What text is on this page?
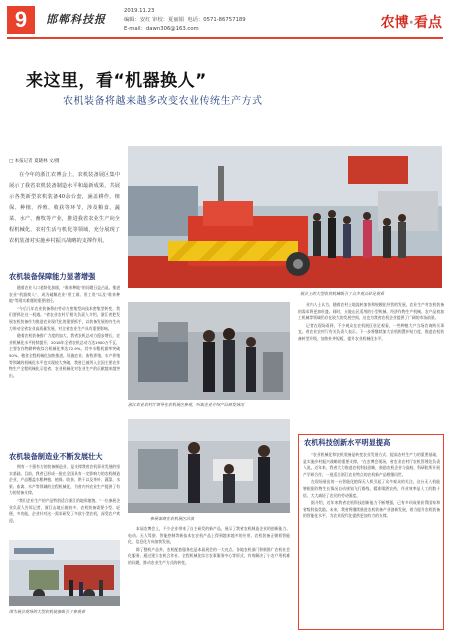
9	邯郸科技报
2019.11.23
编辑：安红 审校：夏丽娟 电话：0571-86757189
E-mail：dawn306@163.com	农博·看点
来这里，看“机器换人”
农机装备将越来越多改变农业传统生产方式
□ 本报记者 夏晓林 文/摄
在今年的浙江农博会上，农机装备展区集中展示了我省农机装备制造水平和最新成果，共展示各类新型农机装备40余台套，涵盖耕作、植保、种植、养殖、收获等环节，涉及粮食、蔬菜、水产、畜牧等产业，推进我省农业生产向全程机械化、农村生活与机化等领域，充分展现了农机装备对实施乡村振兴战略的支撑作用。
展会上的大型收获机械吸引了众多观众驻足观看
农机装备保障能力显著增强

随着农业人口老龄化加剧，“谁来种地”的问题日益凸显。推进农业“机器换人”，成为破解农业“用工难、用工贵”以及“谁来种地”等现实难题的重要途径。

“今后几年农业装备将由劳动力密集型向技术密集型转变，我们要抓住这一机遇。”省农业农村厅相关负责人介绍，浙江省把发展农机装备作为推进农业现代化的重要抓手，以装备发展的内生动力带动全省农业高质量发展，对全省农业生产具有重要影响。

随着农机装备推广力度的加大，我省农机总动力稳步增长，农业机械化水平持续提升，2018年全省农机总动力达1900万千瓦，主要农作物耕种收综合机械化率达72.9%，其中水稻机插率突破50%，粮食全程机械化加快推进。设施农业、畜牧养殖、水产养殖等领域的机械化水平也实现较大突破，我省已被列入全国主要农作物生产全程机械化示范省，农业机械化对农业生产的贡献越来越突出。

农机装备制造业不断发展壮大

拥有一个强有力的装备制造业，是支撑我省农机事业发展的坚实基础。目前，我省已形成一批在全国具有一定影响力的农机制造企业，产品覆盖水稻种植、植保、收获、烘干以及茶叶、蔬菜、水果、畜禽、水产等领域的全程机械化，为省内外农业生产提供了有力的装备支撑。

“我们企业生产的产品特别适合浙江的地形地貌。”一位参展企业负责人告诉记者，浙江山地丘陵较多，农机装备需要小型、轻便、多功能，企业针对这一需求研发了多款小型农机，深受农户欢迎。

图为展会现场的大型农机装备吸引了参观者
浙江农业农村厅领导在农机展区参观，听取企业介绍产品研发情况
参展客商在农机展区洽谈

本届农博会上，不少企业带来了自主研发的新产品，展示了我省农机制造企业的创新能力。电动、无人驾驶、智能控制等新技术在农机产品上得到越来越多的应用，农机装备正朝着智能化、信息化方向加快发展。

除了整机产品外，农机配套服务也是本届展会的一大亮点。各地农机部门积极推广农机社会化服务，通过建立农机合作社、全程机械化综合农事服务中心等形式，有效解决了小农户用机难的问题，推动农业生产方式的转变。

业内人士认为，随着农村土地流转加快和规模化经营的发展，农业生产对农机装备的需求将更加旺盛。同时，丘陵山区适用的小型机械、经济作物生产机械、农产品初加工机械等领域仍存在较大的发展空间，这也为我省农机企业提供了广阔的市场前景。

记者在现场看到，不少观众在农机展区驻足观看，一些种植大户当场咨询购买事宜。省农业农村厅有关负责人表示，下一步将继续加大农机购置补贴力度，推进农机装备转型升级，加快补齐短板，提升农业机械化水平。

农机科技创新水平明显提高

“农业机械化和农机装备是转变农业发展方式、提高农村生产力的重要基础，是实施乡村振兴战略的重要支撑。”在农博会现场，省农业农村厅农机管理处负责人说。近年来，我省大力推进农机科技创新，鼓励农机企业与高校、科研院所开展产学研合作，一批适合浙江农业特点的农机新产品相继问世。

在现场展出的一台智能化植保无人机引起了众多观众的关注。这台无人机能够根据作物生长情况自动规划飞行路线，精准喷洒农药，作业效率是人工的数十倍，大大减轻了农民的劳动强度。

据介绍，近年来我省农机科技创新能力不断增强，已有多项成果获得国家和省级科技奖励。未来，我省将继续推进农机装备产业创新发展，着力提升农机装备的智能化水平，为农业现代化提供更加有力的支撑。
